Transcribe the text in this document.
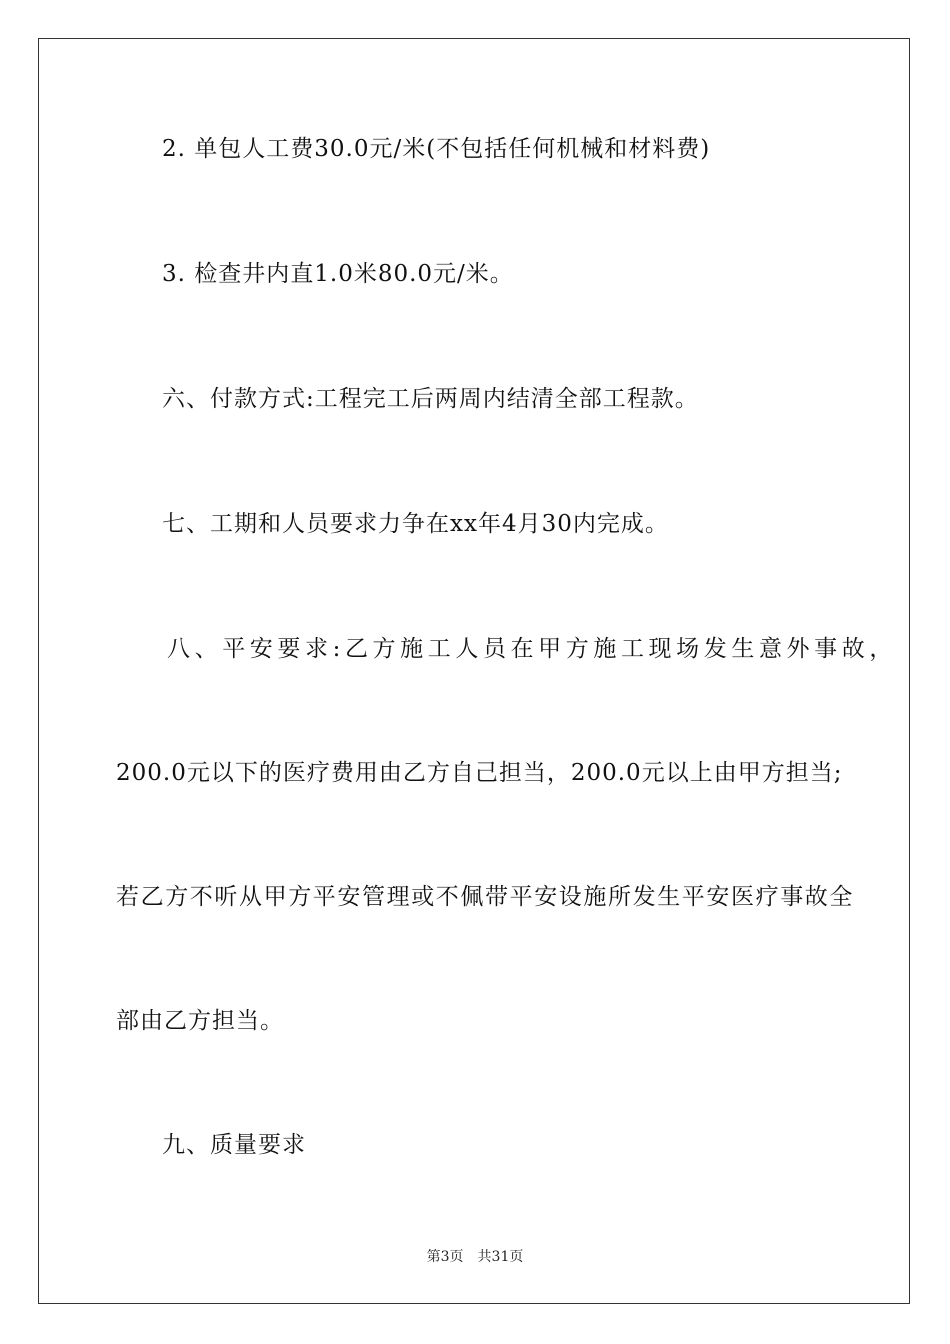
2. 单包人工费30.0元/米(不包括任何机械和材料费)
3. 检查井内直1.0米80.0元/米。
六、付款方式:工程完工后两周内结清全部工程款。
七、工期和人员要求力争在xx年4月30内完成。
八、平安要求:乙方施工人员在甲方施工现场发生意外事故，
200.0元以下的医疗费用由乙方自己担当，200.0元以上由甲方担当;
若乙方不听从甲方平安管理或不佩带平安设施所发生平安医疗事故全
部由乙方担当。
九、质量要求
第3页 共31页
